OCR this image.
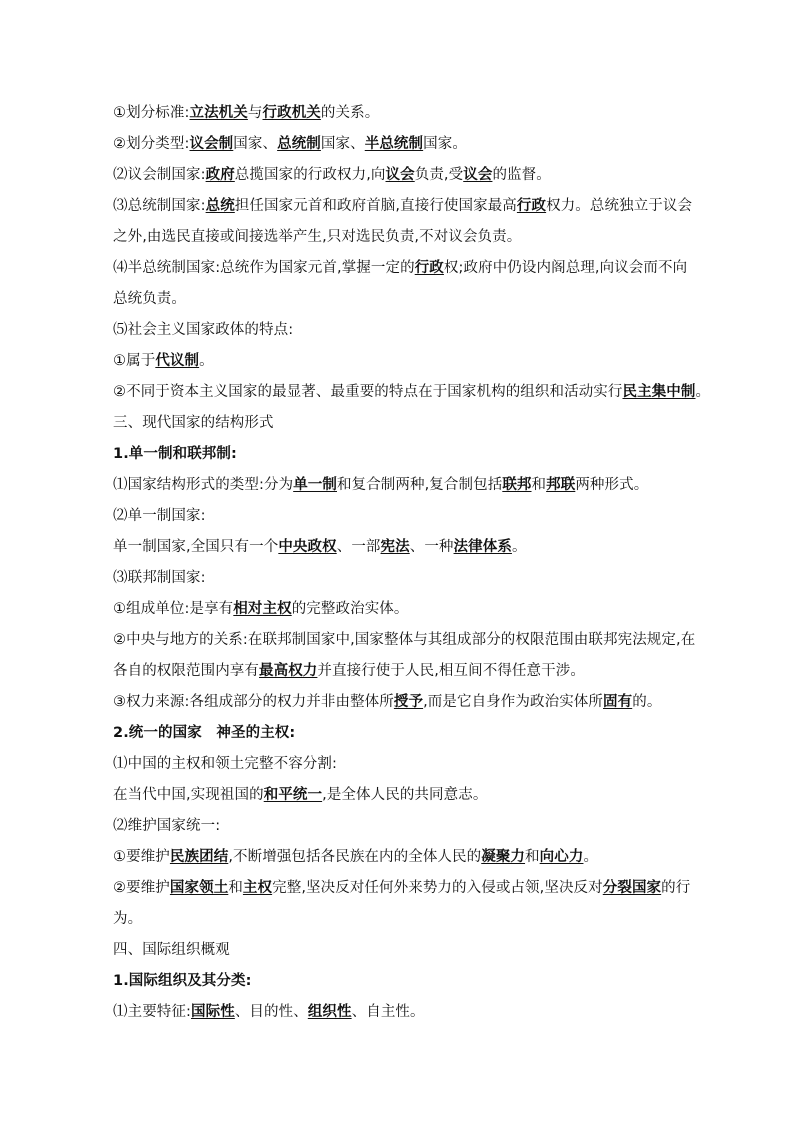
①划分标准:立法机关与行政机关的关系。
②划分类型:议会制国家、总统制国家、半总统制国家。
⑵议会制国家:政府总揽国家的行政权力,向议会负责,受议会的监督。
⑶总统制国家:总统担任国家元首和政府首脑,直接行使国家最高行政权力。总统独立于议会
之外,由选民直接或间接选举产生,只对选民负责,不对议会负责。
⑷半总统制国家:总统作为国家元首,掌握一定的行政权;政府中仍设内阁总理,向议会而不向
总统负责。
⑸社会主义国家政体的特点:
①属于代议制。
②不同于资本主义国家的最显著、最重要的特点在于国家机构的组织和活动实行民主集中制。
三、现代国家的结构形式
1.单一制和联邦制:
⑴国家结构形式的类型:分为单一制和复合制两种,复合制包括联邦和邦联两种形式。
⑵单一制国家:
单一制国家,全国只有一个中央政权、一部宪法、一种法律体系。
⑶联邦制国家:
①组成单位:是享有相对主权的完整政治实体。
②中央与地方的关系:在联邦制国家中,国家整体与其组成部分的权限范围由联邦宪法规定,在
各自的权限范围内享有最高权力并直接行使于人民,相互间不得任意干涉。
③权力来源:各组成部分的权力并非由整体所授予,而是它自身作为政治实体所固有的。
2.统一的国家　神圣的主权:
⑴中国的主权和领土完整不容分割:
在当代中国,实现祖国的和平统一,是全体人民的共同意志。
⑵维护国家统一:
①要维护民族团结,不断增强包括各民族在内的全体人民的凝聚力和向心力。
②要维护国家领土和主权完整,坚决反对任何外来势力的入侵或占领,坚决反对分裂国家的行
为。
四、国际组织概观
1.国际组织及其分类:
⑴主要特征:国际性、目的性、组织性、自主性。
